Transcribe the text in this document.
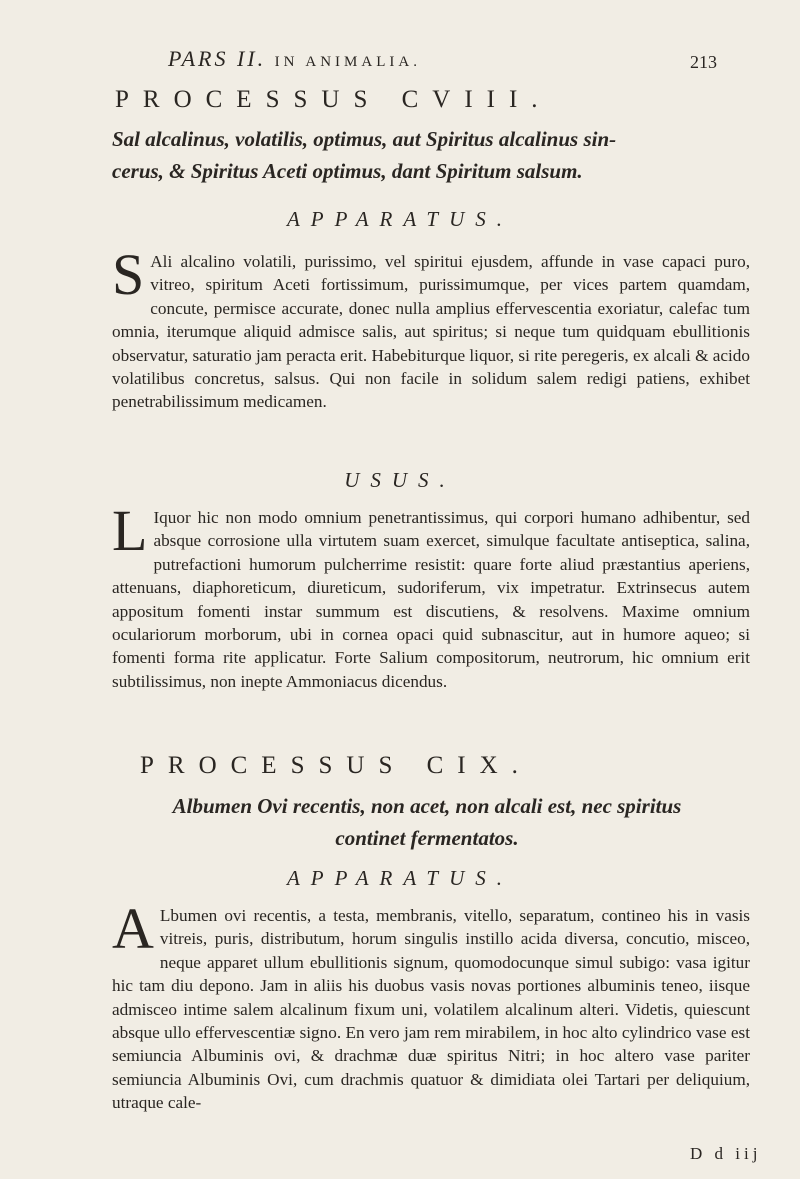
PARS II. IN ANIMALIA.	213
PROCESSUS CVIII.
Sal alcalinus, volatilis, optimus, aut Spiritus alcalinus sin-
cerus, & Spiritus Aceti optimus, dant Spiritum salsum.
APPARATUS.

S Ali alcalino volatili, purissimo, vel spiritui ejusdem, affunde in vase capaci puro, vitreo, spiritum Aceti fortissimum, purissimumque, per vices partem quamdam, concute, permisce accurate, donec nulla amplius effervescentia exoriatur, calefac tum omnia, iterumque aliquid admisce salis, aut spiritus; si neque tum quidquam ebullitionis observatur, saturatio jam peracta erit. Habebiturque liquor, si rite peregeris, ex alcali & acido volatilibus concretus, salsus. Qui non facile in solidum salem redigi patiens, exhibet penetrabilissimum medicamen.

USUS.

L Iquor hic non modo omnium penetrantissimus, qui corpori humano adhibentur, sed absque corrosione ulla virtutem suam exercet, simulque facultate antiseptica, salina, putrefactioni humorum pulcherrime resistit: quare forte aliud præstantius aperiens, attenuans, diaphoreticum, diureticum, sudoriferum, vix impetratur. Extrinsecus autem appositum fomenti instar summum est discutiens, & resolvens. Maxime omnium oculariorum morborum, ubi in cornea opaci quid subnascitur, aut in humore aqueo; si fomenti forma rite applicatur. Forte Salium compositorum, neutrorum, hic omnium erit subtilissimus, non inepte Ammoniacus dicendus.

PROCESSUS CIX.
Albumen Ovi recentis, non acet, non alcali est, nec spiritus
continet fermentatos.
APPARATUS.

A Lbumen ovi recentis, a testa, membranis, vitello, separatum, contineo his in vasis vitreis, puris, distributum, horum singulis instillo acida diversa, concutio, misceo, neque apparet ullum ebullitionis signum, quomodocunque simul subigo: vasa igitur hic tam diu depono. Jam in aliis his duobus vasis novas portiones albuminis teneo, iisque admisceo intime salem alcalinum fixum uni, volatilem alcalinum alteri. Videtis, quiescunt absque ullo effervescentiæ signo. En vero jam rem mirabilem, in hoc alto cylindrico vase est semiuncia Albuminis ovi, & drachmæ duæ spiritus Nitri; in hoc altero vase pariter semiuncia Albuminis Ovi, cum drachmis quatuor & dimidiata olei Tartari per deliquium, utraque cale-

D d iij
